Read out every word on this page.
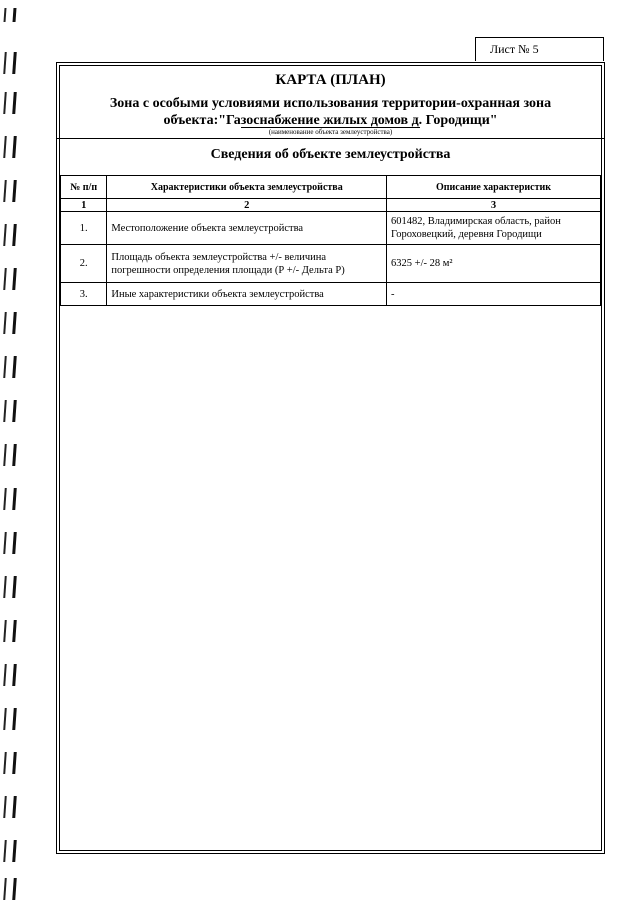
Лист № 5
КАРТА (ПЛАН)
Зона с особыми условиями использования территории-охранная зона
объекта:"Газоснабжение жилых домов д. Городищи"
(наименование объекта землеустройства)
Сведения об объекте землеустройства
№ п/п	Характеристики объекта землеустройства	Описание характеристик
1	2	3
1.	Местоположение объекта землеустройства	601482, Владимирская область, район Гороховецкий, деревня Городищи
2.	Площадь объекта землеустройства +/- величина погрешности определения площади (Р +/- Дельта Р)	6325 +/- 28 м²
3.	Иные характеристики объекта землеустройства	-
